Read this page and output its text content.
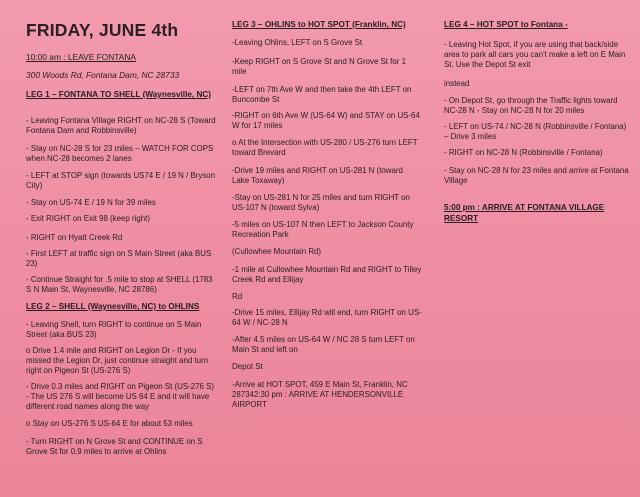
FRIDAY, JUNE 4th
10:00 am : LEAVE FONTANA
300 Woods Rd, Fontana Dam, NC 28733
LEG 1 – FONTANA TO SHELL (Waynesville, NC)
- Leaving Fontana Village RIGHT on NC-28 S (Toward Fontana Dam and Robbinsville)
- Stay on NC-28 S for 23 miles – WATCH FOR COPS when NC-28 becomes 2 lanes
- LEFT at STOP sign (towards US74 E / 19 N / Bryson City)
- Stay on US-74 E / 19 N for 39 miles
- Exit RIGHT on Exit 98 (keep right)
- RIGHT on Hyatt Creek Rd
- First LEFT at traffic sign on S Main Street (aka BUS 23)
- Continue Straight for .5 mile to stop at SHELL (1783 S N Main St, Waynesville, NC 28786)
LEG 2 – SHELL (Waynesville, NC) to OHLINS
- Leaving Shell, turn RIGHT to continue on S Main Street (aka BUS 23)
o Drive 1.4 mile and RIGHT on Legion Dr - If you missed the Legion Dr, just continue straight and turn right on Pigeon St (US-276 S)
- Drive 0.3 miles and RIGHT on Pigeon St (US-276 S) - The US 276 S will become US 64 E and it will have different road names along the way
o Stay on US-276 S US-64 E for about 53 miles
- Turn RIGHT on N Grove St and CONTINUE on S Grove St for 0.9 miles to arrive at Ohlins
LEG 3 – OHLINS to HOT SPOT (Franklin, NC)
-Leaving Ohlins, LEFT on S Grove St
-Keep RIGHT on S Grove St and N Grove St for 1 mile
-LEFT on 7th Ave W and then take the 4th LEFT on Buncombe St
-RIGHT on 6th Ave W (US-64 W) and STAY on US-64 W for 17 miles
o At the Intersection with US-280 / US-276 turn LEFT toward Brevard
-Drive 19 miles and RIGHT on US-281 N (toward Lake Toxaway)
-Stay on US-281 N for 25 miles and turn RIGHT on US-107 N (toward Sylva)
-5 miles on US-107 N then LEFT to Jackson County Recreation Park
(Cullowhee Mountain Rd)
-1 mile at Cullowhee Mountain Rd and RIGHT to Tilley Creek Rd and Ellijay
Rd
-Drive 15 miles, Ellijay Rd will end, turn RIGHT on US-64 W / NC-28 N
-After 4.5 miles on US-64 W / NC 28 S turn LEFT on Main St and left on
Depot St
-Arrive at HOT SPOT, 459 E Main St, Franklin, NC 287342:30 pm : ARRIVE AT HENDERSONVILLE AIRPORT
LEG 4 – HOT SPOT to Fontana -
- Leaving Hot Spot, if you are using that back/side area to park all cars you can't make a left on E Main St. Use the Depot St exit
instead
- On Depot St, go through the Traffic lights toward NC-28 N - Stay on NC-28 N for 20 miles
- LEFT on US-74 / NC-28 N (Robbinsville / Fontana) – Drive 3 miles
- RIGHT on NC-28 N (Robbinsville / Fontana)
- Stay on NC-28 N for 23 miles and arrive at Fontana Village
5:00 pm : ARRIVE AT FONTANA VILLAGE RESORT
